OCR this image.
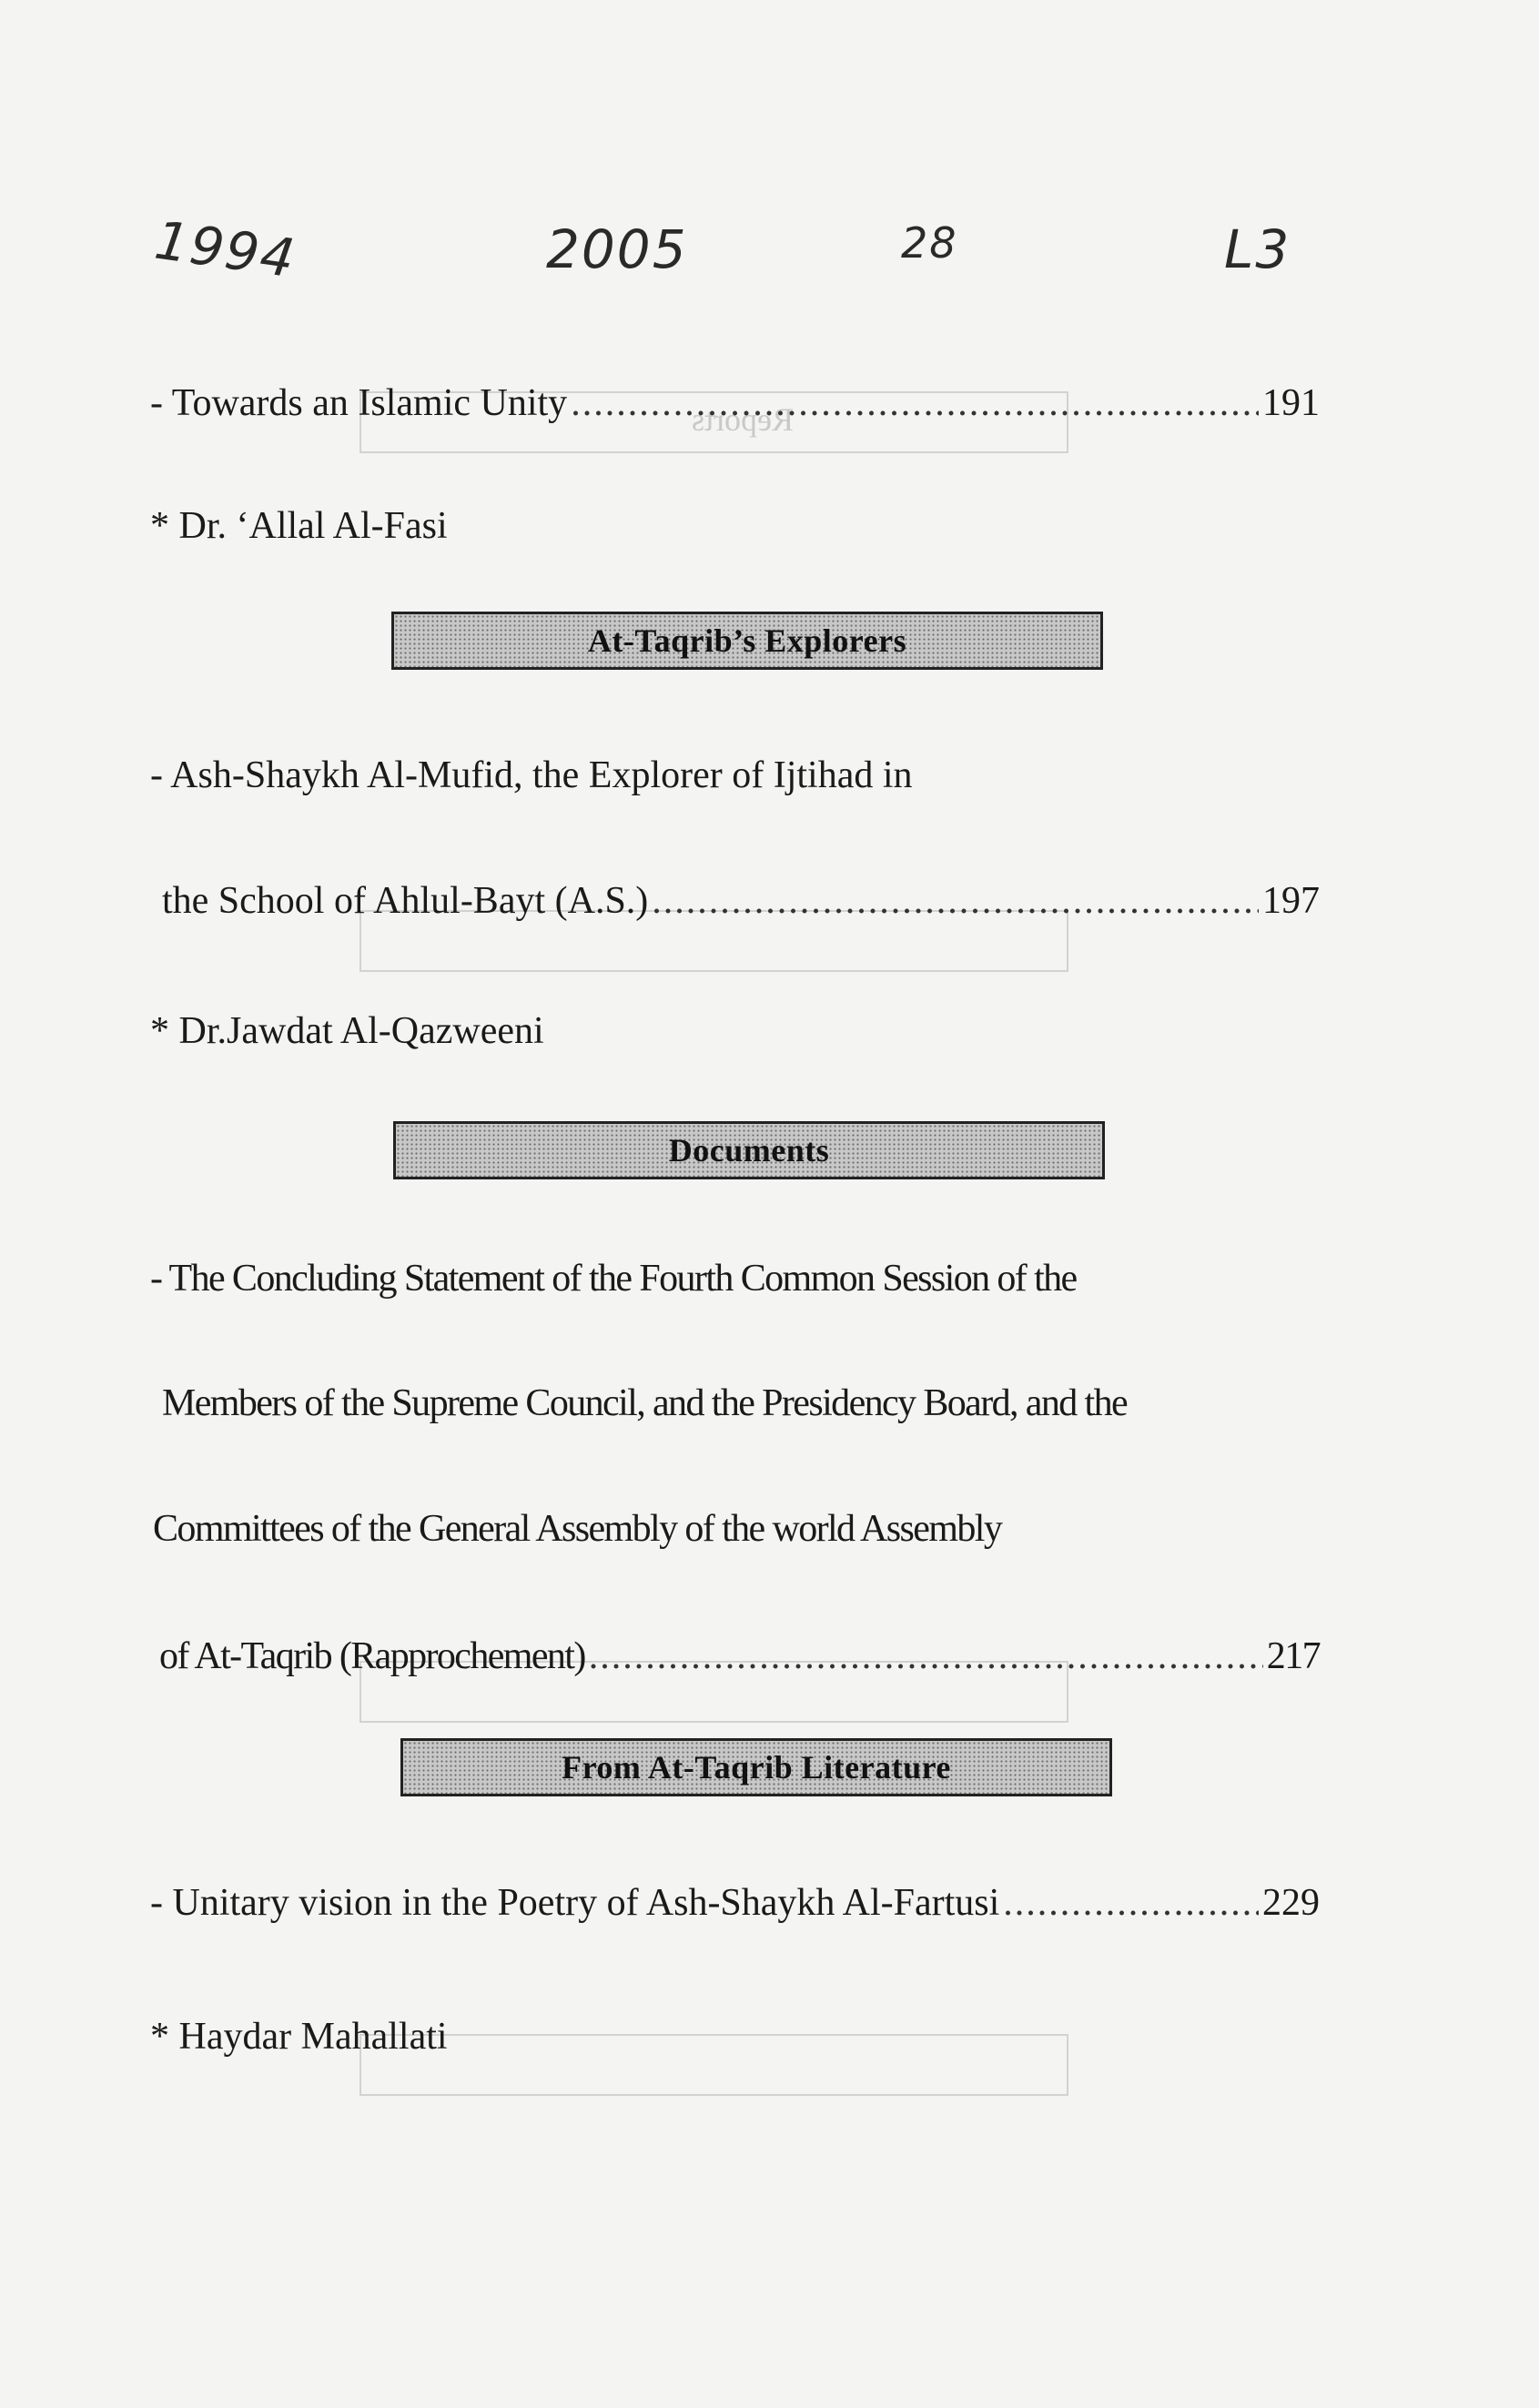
Reports
1994	2005	28	L3
- Towards an Islamic Unity .....	191
* Dr. ‘Allal Al-Fasi
At-Taqrib’s Explorers
- Ash-Shaykh Al-Mufid, the Explorer of Ijtihad in
the School of Ahlul-Bayt (A.S.) .....	197
* Dr.Jawdat Al-Qazweeni
Documents
- The Concluding Statement of the Fourth Common Session of the
Members of the Supreme Council, and the Presidency Board, and the
Committees of the General Assembly of the world Assembly
of At-Taqrib (Rapprochement) .....	217
From At-Taqrib Literature
- Unitary vision in the Poetry of Ash-Shaykh Al-Fartusi .....	229
* Haydar Mahallati
